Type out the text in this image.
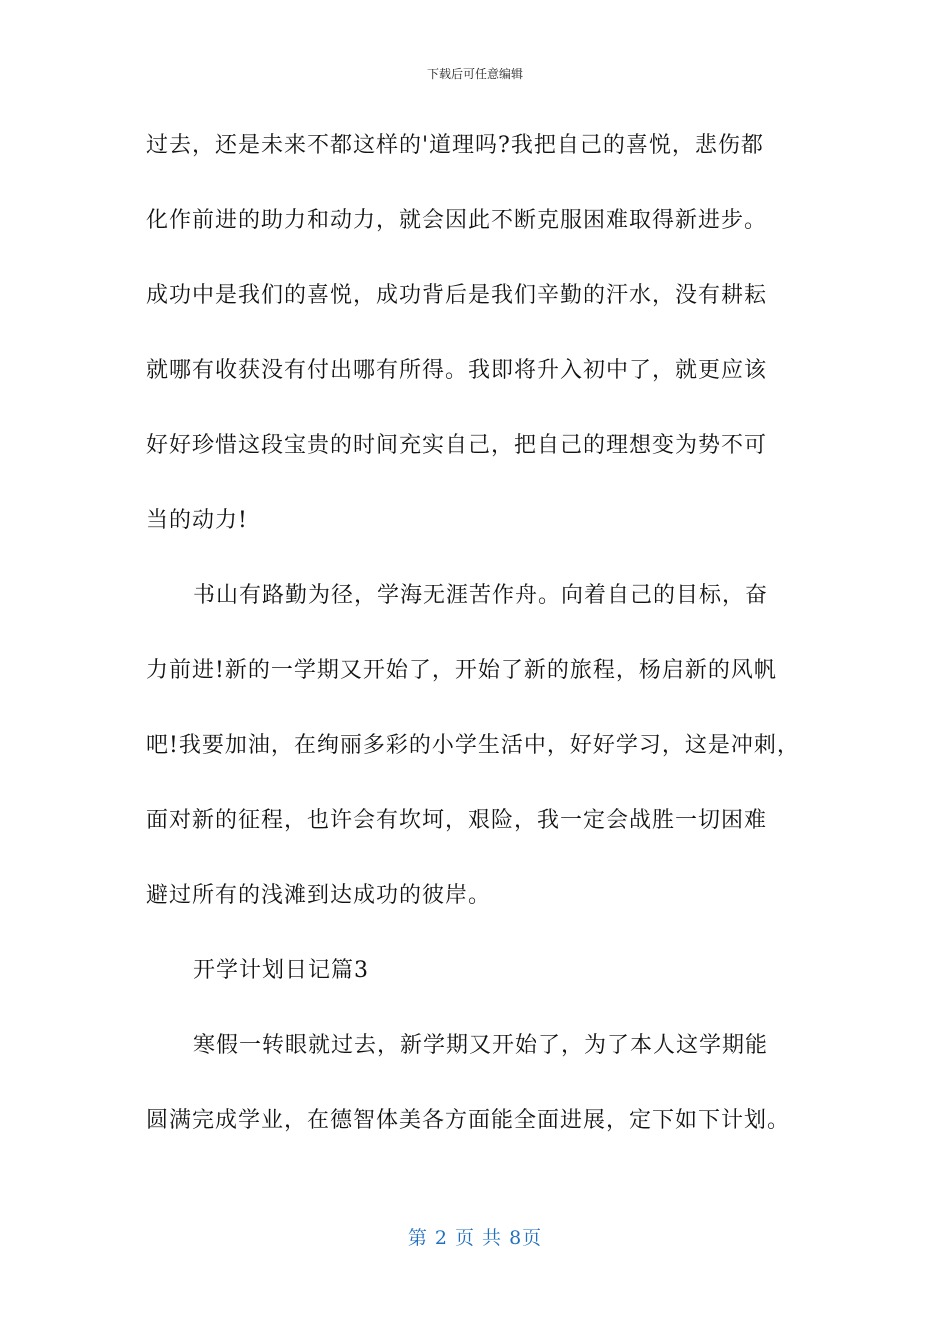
下载后可任意编辑
过去，还是未来不都这样的'道理吗?我把自己的喜悦，悲伤都
化作前进的助力和动力，就会因此不断克服困难取得新进步。
成功中是我们的喜悦，成功背后是我们辛勤的汗水，没有耕耘
就哪有收获没有付出哪有所得。我即将升入初中了，就更应该
好好珍惜这段宝贵的时间充实自己，把自己的理想变为势不可
当的动力!
书山有路勤为径，学海无涯苦作舟。向着自己的目标，奋
力前进!新的一学期又开始了，开始了新的旅程，杨启新的风帆
吧!我要加油，在绚丽多彩的小学生活中，好好学习，这是冲刺，
面对新的征程，也许会有坎坷，艰险，我一定会战胜一切困难
避过所有的浅滩到达成功的彼岸。
开学计划日记篇3
寒假一转眼就过去，新学期又开始了，为了本人这学期能
圆满完成学业，在德智体美各方面能全面进展，定下如下计划。
第 2 页 共 8页
